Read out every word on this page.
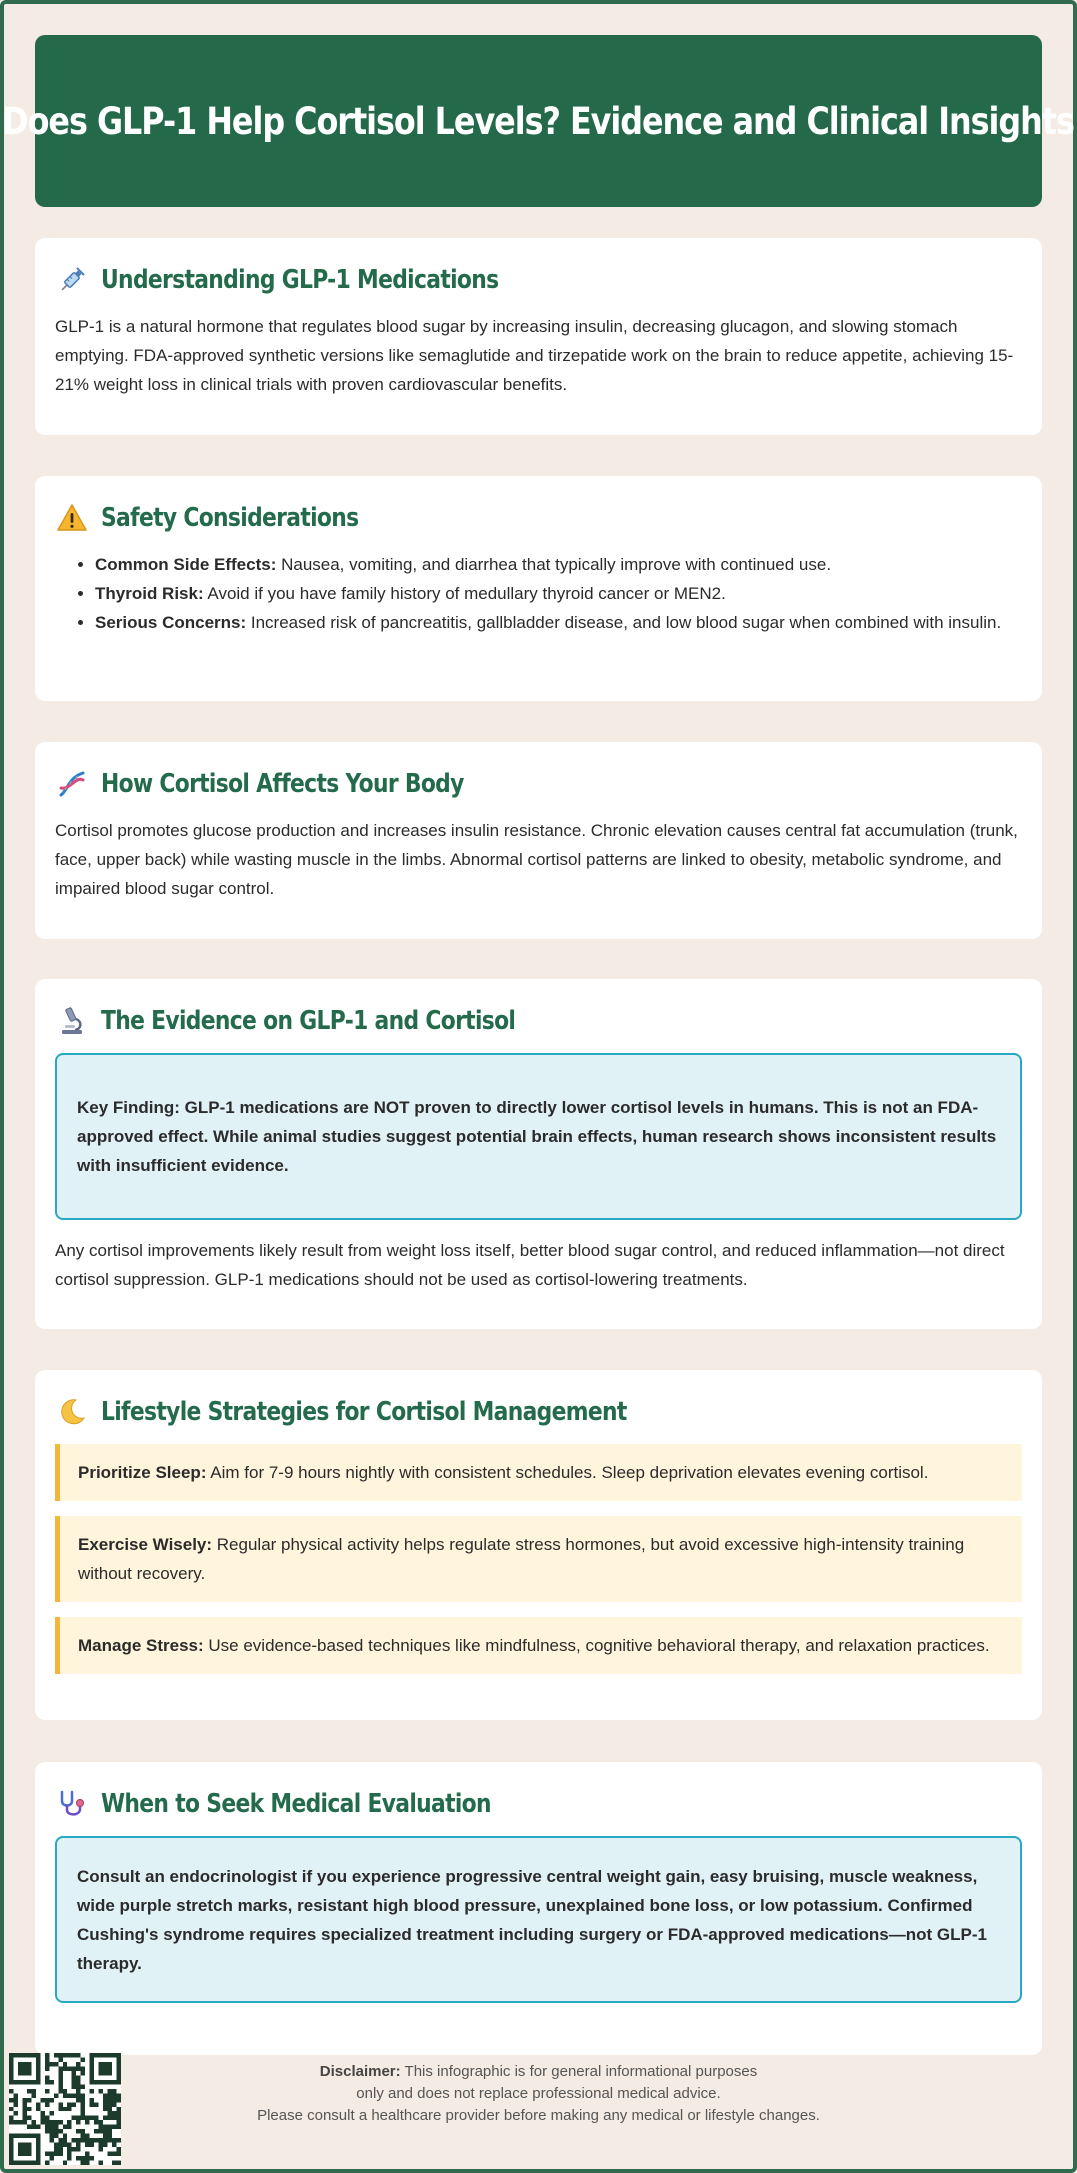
Does GLP-1 Help Cortisol Levels? Evidence and Clinical Insights
Understanding GLP-1 Medications

GLP-1 is a natural hormone that regulates blood sugar by increasing insulin, decreasing glucagon, and slowing stomach emptying. FDA-approved synthetic versions like semaglutide and tirzepatide work on the brain to reduce appetite, achieving 15-21% weight loss in clinical trials with proven cardiovascular benefits.

Safety Considerations
• Common Side Effects: Nausea, vomiting, and diarrhea that typically improve with continued use.
• Thyroid Risk: Avoid if you have family history of medullary thyroid cancer or MEN2.
• Serious Concerns: Increased risk of pancreatitis, gallbladder disease, and low blood sugar when combined with insulin.
How Cortisol Affects Your Body

Cortisol promotes glucose production and increases insulin resistance. Chronic elevation causes central fat accumulation (trunk, face, upper back) while wasting muscle in the limbs. Abnormal cortisol patterns are linked to obesity, metabolic syndrome, and impaired blood sugar control.

The Evidence on GLP-1 and Cortisol

Key Finding: GLP-1 medications are NOT proven to directly lower cortisol levels in humans. This is not an FDA-approved effect. While animal studies suggest potential brain effects, human research shows inconsistent results with insufficient evidence.

Any cortisol improvements likely result from weight loss itself, better blood sugar control, and reduced inflammation—not direct cortisol suppression. GLP-1 medications should not be used as cortisol-lowering treatments.

Lifestyle Strategies for Cortisol Management

Prioritize Sleep: Aim for 7-9 hours nightly with consistent schedules. Sleep deprivation elevates evening cortisol.

Exercise Wisely: Regular physical activity helps regulate stress hormones, but avoid excessive high-intensity training without recovery.

Manage Stress: Use evidence-based techniques like mindfulness, cognitive behavioral therapy, and relaxation practices.

When to Seek Medical Evaluation

Consult an endocrinologist if you experience progressive central weight gain, easy bruising, muscle weakness, wide purple stretch marks, resistant high blood pressure, unexplained bone loss, or low potassium. Confirmed Cushing's syndrome requires specialized treatment including surgery or FDA-approved medications—not GLP-1 therapy.

Disclaimer: This infographic is for general informational purposes
only and does not replace professional medical advice.
Please consult a healthcare provider before making any medical or lifestyle changes.
